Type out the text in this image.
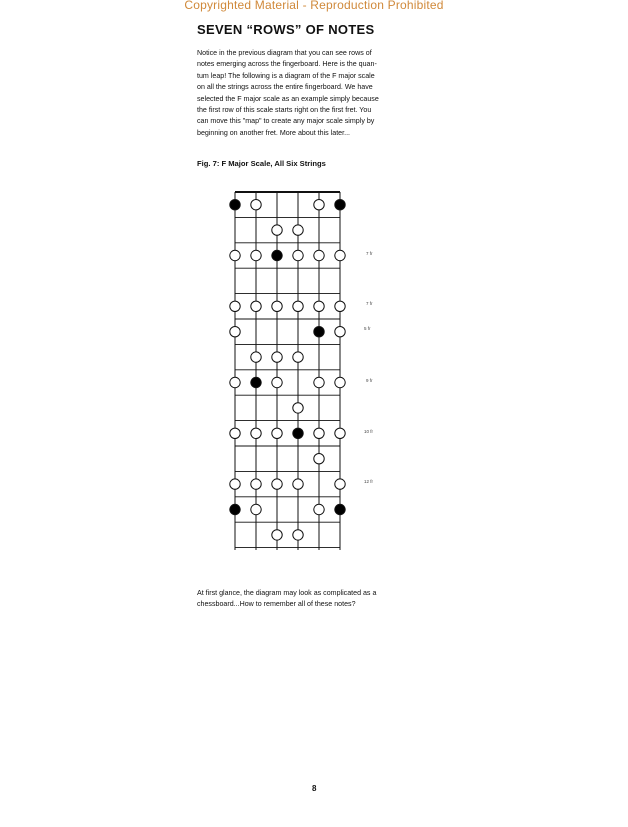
Copyrighted Material - Reproduction Prohibited
SEVEN “ROWS” OF NOTES
Notice in the previous diagram that you can see rows of
notes emerging across the fingerboard. Here is the quan-
tum leap! The following is a diagram of the F major scale
on all the strings across the entire fingerboard. We have
selected the F major scale as an example simply because
the first row of this scale starts right on the first fret. You
can move this "map" to create any major scale simply by
beginning on another fret. More about this later...
Fig. 7: F Major Scale, All Six Strings
7 fr
7 fr
5 fr
9 fr
10 fr
12 fr
At first glance, the diagram may look as complicated as a
chessboard...How to remember all of these notes?
8
